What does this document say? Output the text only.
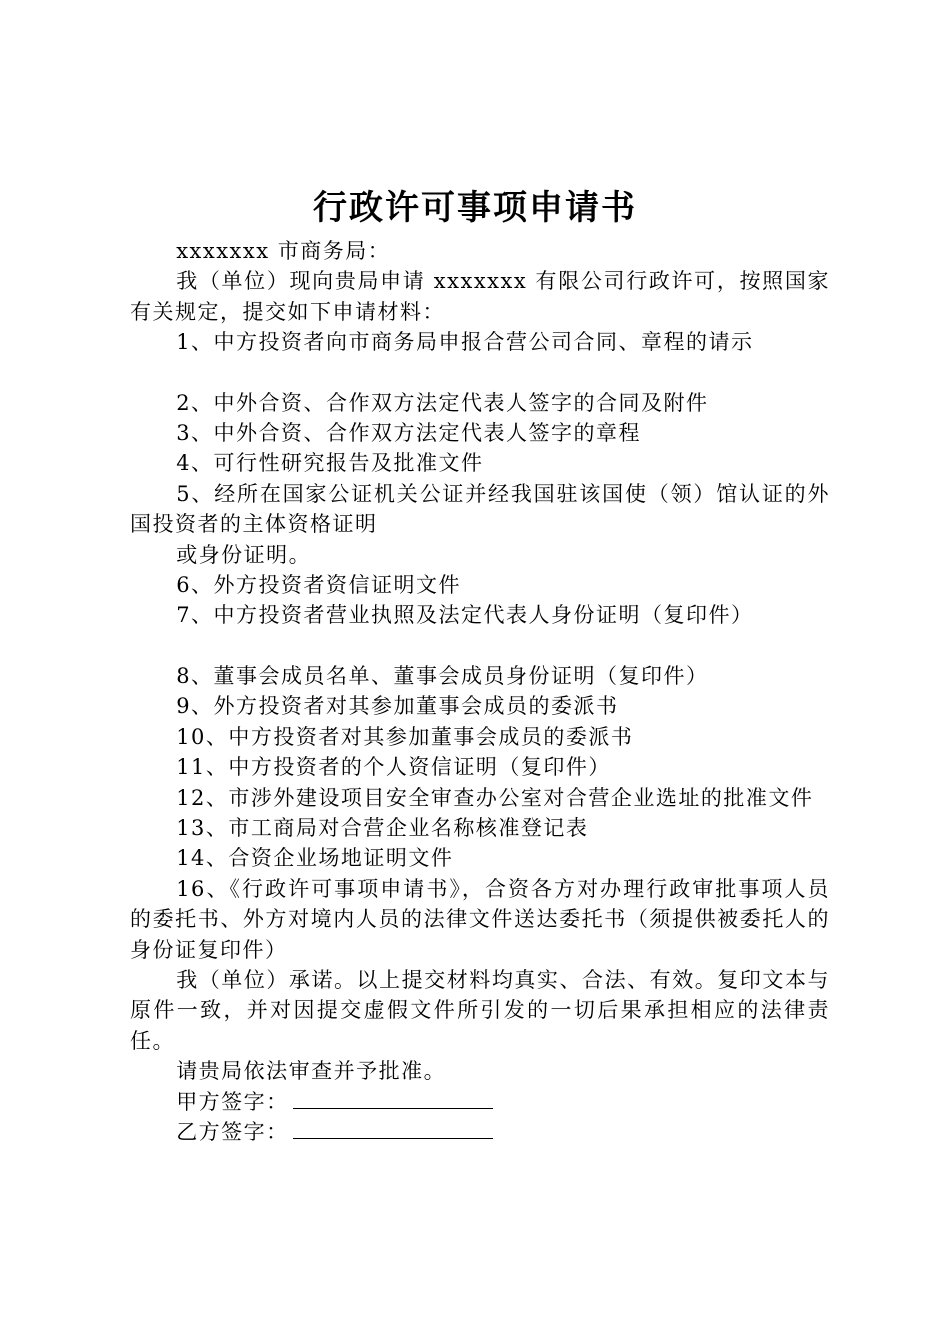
行政许可事项申请书

xxxxxxx 市商务局：

我（单位）现向贵局申请 xxxxxxx 有限公司行政许可，按照国家有关规定，提交如下申请材料：

1、中方投资者向市商务局申报合营公司合同、章程的请示

2、中外合资、合作双方法定代表人签字的合同及附件

3、中外合资、合作双方法定代表人签字的章程

4、可行性研究报告及批准文件

5、经所在国家公证机关公证并经我国驻该国使（领）馆认证的外国投资者的主体资格证明

或身份证明。

6、外方投资者资信证明文件

7、中方投资者营业执照及法定代表人身份证明（复印件）

8、董事会成员名单、董事会成员身份证明（复印件）

9、外方投资者对其参加董事会成员的委派书

10、中方投资者对其参加董事会成员的委派书

11、中方投资者的个人资信证明（复印件）

12、市涉外建设项目安全审查办公室对合营企业选址的批准文件

13、市工商局对合营企业名称核准登记表

14、合资企业场地证明文件

16、《行政许可事项申请书》，合资各方对办理行政审批事项人员的委托书、外方对境内人员的法律文件送达委托书（须提供被委托人的身份证复印件）

我（单位）承诺。以上提交材料均真实、合法、有效。复印文本与原件一致，并对因提交虚假文件所引发的一切后果承担相应的法律责任。

请贵局依法审查并予批准。

甲方签字：

乙方签字：
